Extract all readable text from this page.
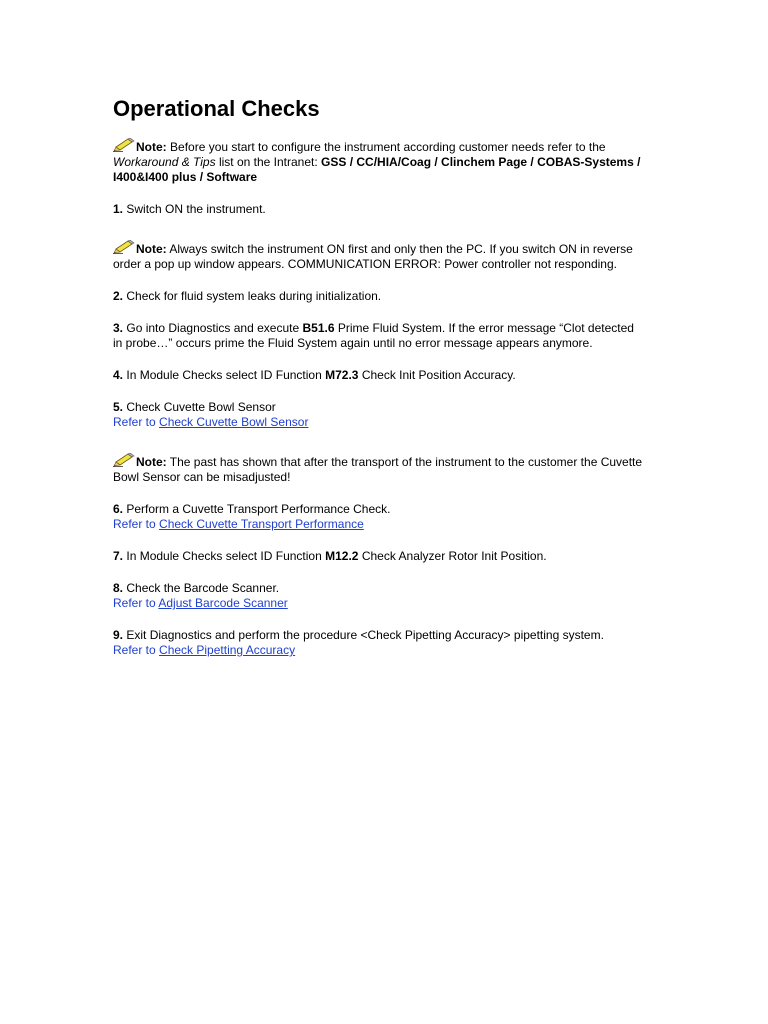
Operational Checks

Note: Before you start to configure the instrument according customer needs refer to the Workaround & Tips list on the Intranet: GSS / CC/HIA/Coag / Clinchem Page / COBAS-Systems / I400&I400 plus / Software

1. Switch ON the instrument.

Note: Always switch the instrument ON first and only then the PC. If you switch ON in reverse order a pop up window appears. COMMUNICATION ERROR: Power controller not responding.

2. Check for fluid system leaks during initialization.

3. Go into Diagnostics and execute B51.6 Prime Fluid System. If the error message “Clot detected in probe…” occurs prime the Fluid System again until no error message appears anymore.

4. In Module Checks select ID Function M72.3 Check Init Position Accuracy.

5. Check Cuvette Bowl Sensor

Refer to Check Cuvette Bowl Sensor

Note: The past has shown that after the transport of the instrument to the customer the Cuvette Bowl Sensor can be misadjusted!

6. Perform a Cuvette Transport Performance Check.

Refer to Check Cuvette Transport Performance

7. In Module Checks select ID Function M12.2 Check Analyzer Rotor Init Position.

8. Check the Barcode Scanner.

Refer to Adjust Barcode Scanner

9. Exit Diagnostics and perform the procedure <Check Pipetting Accuracy> pipetting system.

Refer to Check Pipetting Accuracy
